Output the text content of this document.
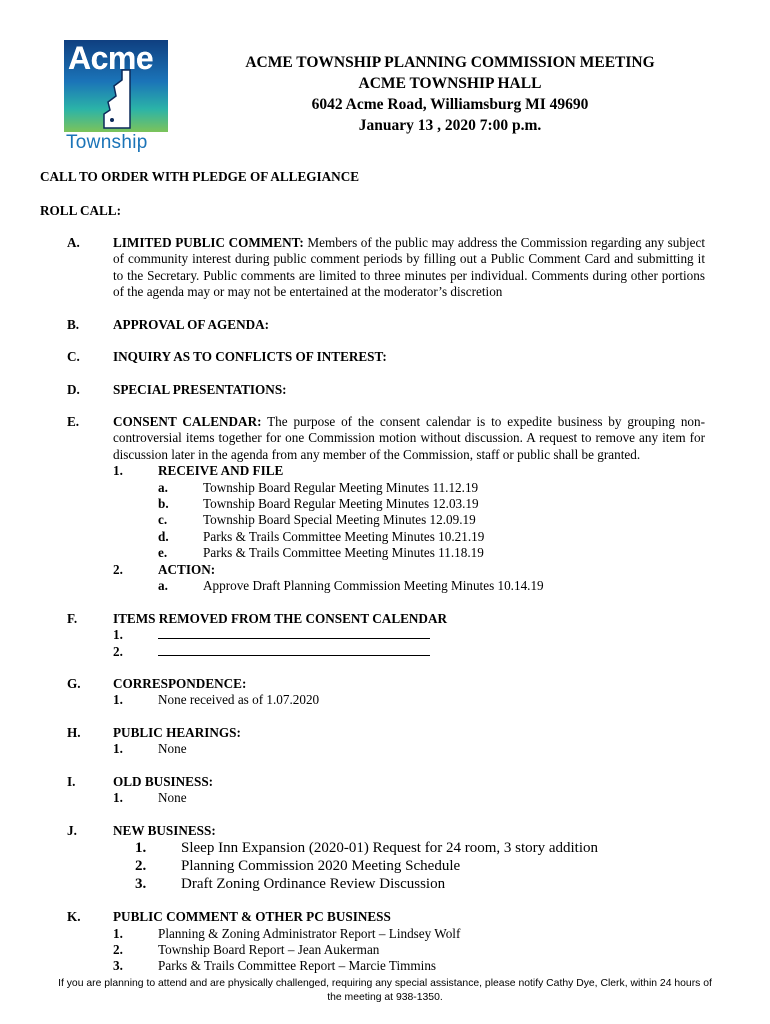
Acme
Township
ACME TOWNSHIP PLANNING COMMISSION MEETING
ACME TOWNSHIP HALL
6042 Acme Road, Williamsburg MI 49690
January 13 , 2020 7:00 p.m.
CALL TO ORDER WITH PLEDGE OF ALLEGIANCE
ROLL CALL:
A.	LIMITED PUBLIC COMMENT: Members of the public may address the Commission regarding any subject of community interest during public comment periods by filling out a Public Comment Card and submitting it to the Secretary. Public comments are limited to three minutes per individual. Comments during other portions of the agenda may or may not be entertained at the moderator’s discretion
B.	APPROVAL OF AGENDA:
C.	INQUIRY AS TO CONFLICTS OF INTEREST:
D.	SPECIAL PRESENTATIONS:
E.	CONSENT CALENDAR: The purpose of the consent calendar is to expedite business by grouping non-controversial items together for one Commission motion without discussion. A request to remove any item for discussion later in the agenda from any member of the Commission, staff or public shall be granted.
1.	RECEIVE AND FILE
a.	Township Board Regular Meeting Minutes 11.12.19
b.	Township Board Regular Meeting Minutes 12.03.19
c.	Township Board Special Meeting Minutes 12.09.19
d.	Parks & Trails Committee Meeting Minutes 10.21.19
e.	Parks & Trails Committee Meeting Minutes 11.18.19
2.	ACTION:
a.	Approve Draft Planning Commission Meeting Minutes 10.14.19
F.	ITEMS REMOVED FROM THE CONSENT CALENDAR
1.
2.
G. CORRESPONDENCE:
1.	None received as of 1.07.2020
H. PUBLIC HEARINGS:
1.	None
I.	OLD BUSINESS:
1.	None
J.	NEW BUSINESS:
1. Sleep Inn Expansion (2020-01) Request for 24 room, 3 story addition
2. Planning Commission 2020 Meeting Schedule
3. Draft Zoning Ordinance Review Discussion
K. PUBLIC COMMENT & OTHER PC BUSINESS
1.	Planning & Zoning Administrator Report – Lindsey Wolf
2.	Township Board Report – Jean Aukerman
3.	Parks & Trails Committee Report – Marcie Timmins
If you are planning to attend and are physically challenged, requiring any special assistance, please notify Cathy Dye, Clerk, within 24 hours of
the meeting at 938-1350.
